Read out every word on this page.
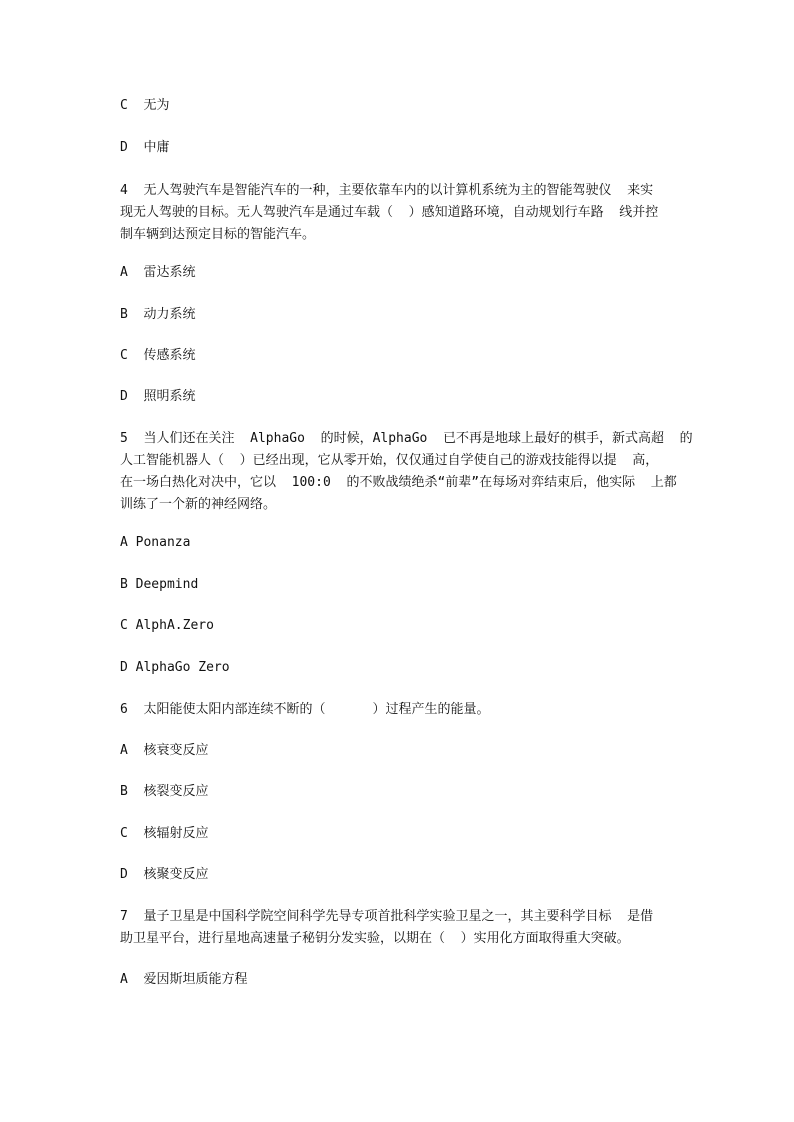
C  无为

D  中庸

4  无人驾驶汽车是智能汽车的一种，主要依靠车内的以计算机系统为主的智能驾驶仪  来实

现无人驾驶的目标。无人驾驶汽车是通过车载（  ）感知道路环境，自动规划行车路  线并控

制车辆到达预定目标的智能汽车。

A  雷达系统

B  动力系统

C  传感系统

D  照明系统

5  当人们还在关注  AlphaGo  的时候，AlphaGo  已不再是地球上最好的棋手，新式高超  的

人工智能机器人（  ）已经出现，它从零开始，仅仅通过自学使自己的游戏技能得以提  高，

在一场白热化对决中，它以  100:0  的不败战绩绝杀“前辈”在每场对弈结束后，他实际  上都

训练了一个新的神经网络。

A Ponanza

B Deepmind

C AlphA.Zero

D AlphaGo Zero

6  太阳能使太阳内部连续不断的（      ）过程产生的能量。

A  核衰变反应

B  核裂变反应

C  核辐射反应

D  核聚变反应

7  量子卫星是中国科学院空间科学先导专项首批科学实验卫星之一，其主要科学目标  是借

助卫星平台，进行星地高速量子秘钥分发实验，以期在（  ）实用化方面取得重大突破。

A  爱因斯坦质能方程
